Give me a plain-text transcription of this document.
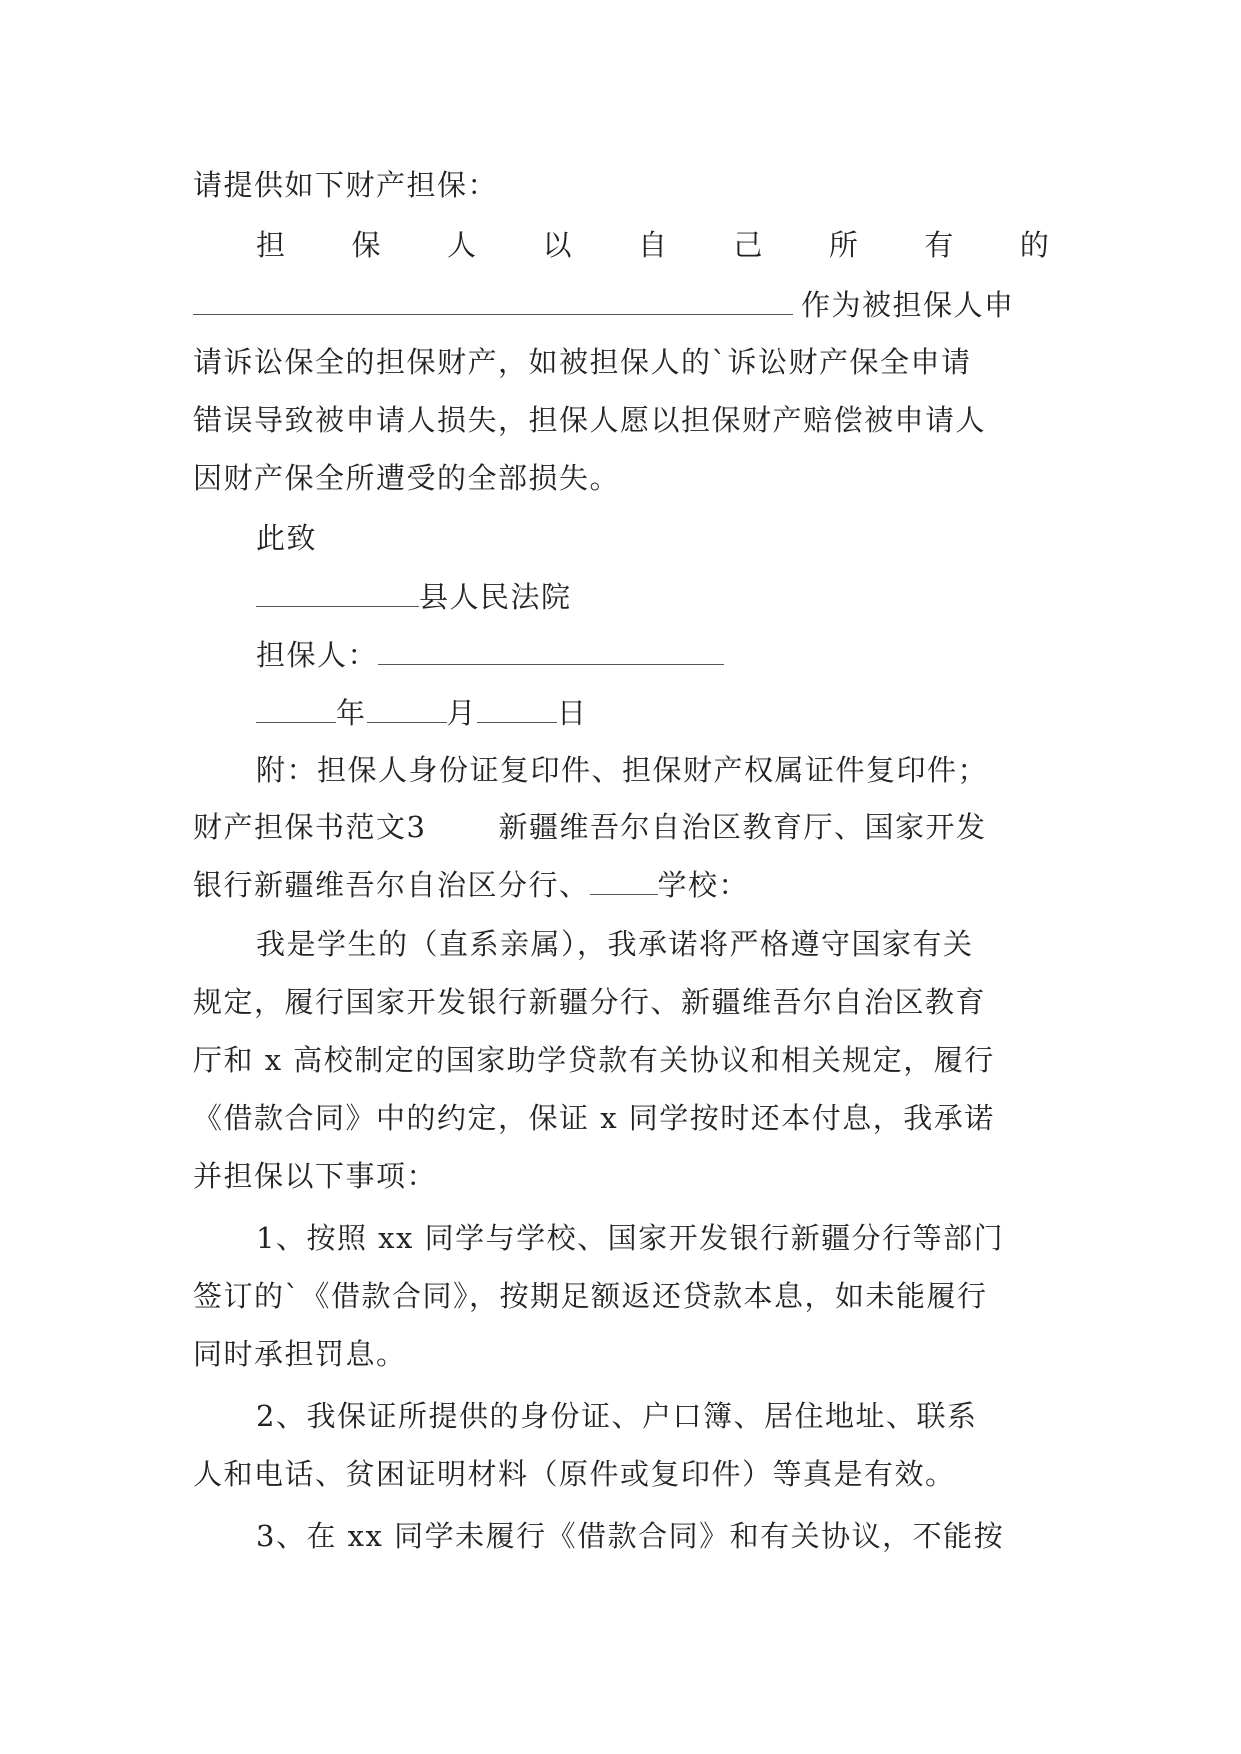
请提供如下财产担保：
担 保 人 以 自 己 所 有 的
作为被担保人申
请诉讼保全的担保财产，如被担保人的`诉讼财产保全申请
错误导致被申请人损失，担保人愿以担保财产赔偿被申请人
因财产保全所遭受的全部损失。
此致
县人民法院
担保人：
年	月	日
附：担保人身份证复印件、担保财产权属证件复印件；
财产担保书范文3 新疆维吾尔自治区教育厅、国家开发
银行新疆维吾尔自治区分行、 学校：
我是学生的（直系亲属），我承诺将严格遵守国家有关
规定，履行国家开发银行新疆分行、新疆维吾尔自治区教育
厅和 x 高校制定的国家助学贷款有关协议和相关规定，履行
《借款合同》中的约定，保证 x 同学按时还本付息，我承诺
并担保以下事项：
1、按照 xx 同学与学校、国家开发银行新疆分行等部门
签订的`《借款合同》，按期足额返还贷款本息，如未能履行
同时承担罚息。
2、我保证所提供的身份证、户口簿、居住地址、联系
人和电话、贫困证明材料（原件或复印件）等真是有效。
3、在 xx 同学未履行《借款合同》和有关协议，不能按
